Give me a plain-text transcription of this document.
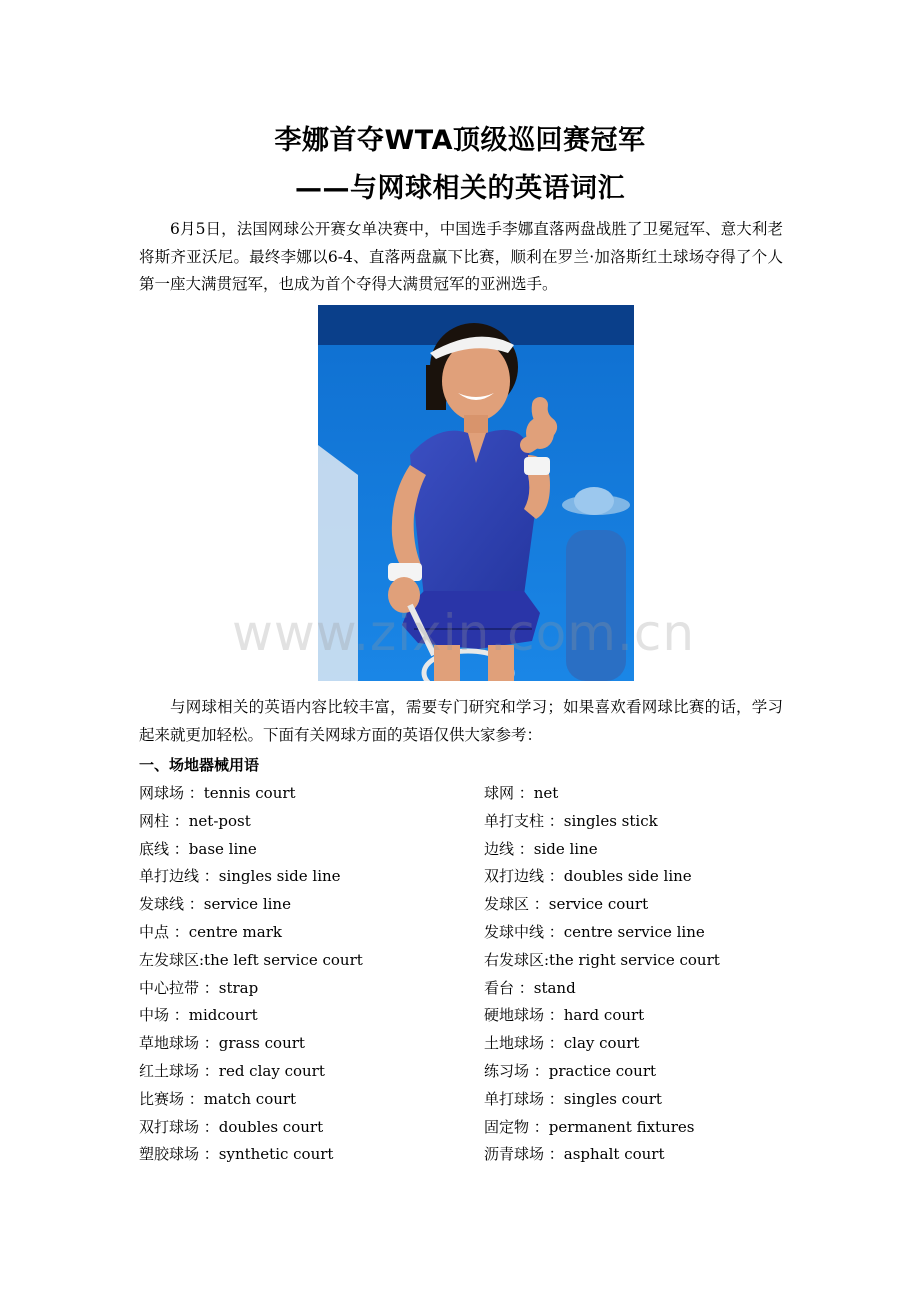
李娜首夺WTA顶级巡回赛冠军
——与网球相关的英语词汇
6月5日，法国网球公开赛女单决赛中，中国选手李娜直落两盘战胜了卫冕冠军、意大利老将斯齐亚沃尼。最终李娜以6-4、直落两盘赢下比赛，顺利在罗兰·加洛斯红土球场夺得了个人第一座大满贯冠军，也成为首个夺得大满贯冠军的亚洲选手。
www.zixin.com.cn
与网球相关的英语内容比较丰富，需要专门研究和学习；如果喜欢看网球比赛的话，学习起来就更加轻松。下面有关网球方面的英语仅供大家参考：
一、场地器械用语
网球场 ：tennis court	球网 ：net
网柱 ：net-post	单打支柱 ：singles stick
底线 ：base line	边线 ：side line
单打边线 ：singles side line	双打边线 ：doubles side line
发球线 ：service line	发球区 ：service court
中点 ：centre mark	发球中线 ：centre service line
左发球区:the left service court	右发球区:the right service court
中心拉带 ：strap	看台 ：stand
中场 ：midcourt	硬地球场 ：hard court
草地球场 ：grass court	土地球场 ：clay court
红土球场 ：red clay court	练习场 ：practice court
比赛场 ：match court	单打球场 ：singles court
双打球场 ：doubles court	固定物 ：permanent fixtures
塑胶球场 ：synthetic court	沥青球场 ：asphalt court
